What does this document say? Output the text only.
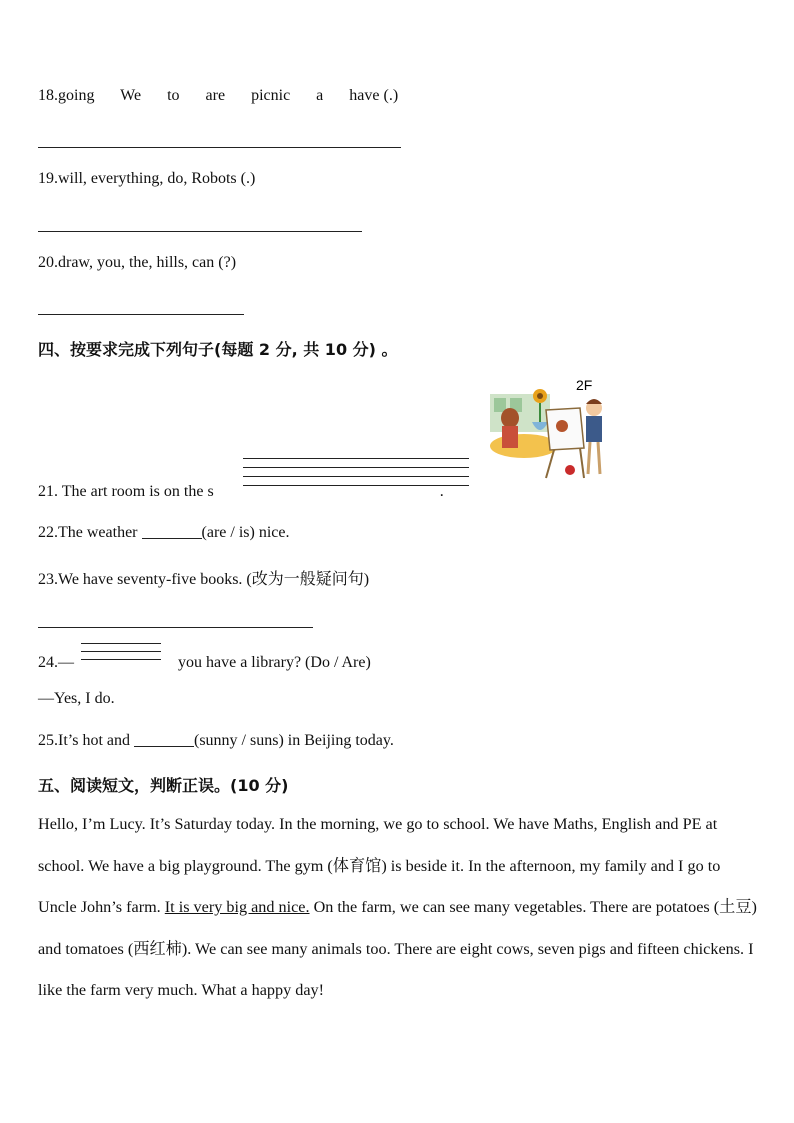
18.going We to are picnic a have (.)
19.will, everything, do, Robots (.)
20.draw, you, the, hills, can (?)
四、按要求完成下列句子(每题 2 分, 共 10 分) 。
2F
21. The art room is on the s	.
22.The weather	(are / is) nice.
23.We have seventy-five books. (改为一般疑问句)
24.—	you have a library? (Do / Are)
—Yes, I do.
25.It’s hot and	(sunny / suns) in Beijing today.
五、阅读短文，判断正误。(10 分)
Hello, I’m Lucy. It’s Saturday today. In the morning, we go to school. We have Maths, English and PE at school. We have a big playground. The gym (体育馆) is beside it. In the afternoon, my family and I go to Uncle John’s farm. It is very big and nice. On the farm, we can see many vegetables. There are potatoes (土豆) and tomatoes (西红柿). We can see many animals too. There are eight cows, seven pigs and fifteen chickens. I like the farm very much. What a happy day!
